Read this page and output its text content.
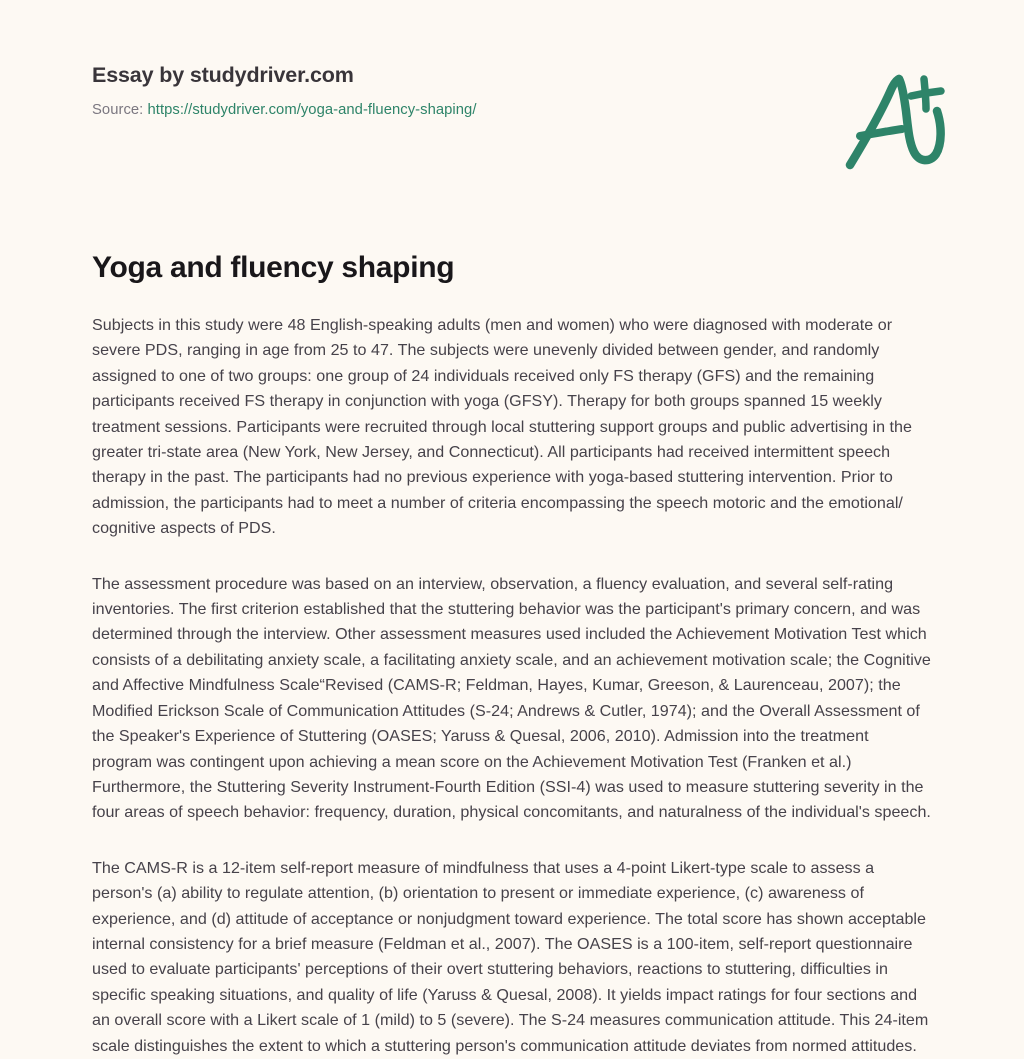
Essay by studydriver.com
Source: https://studydriver.com/yoga-and-fluency-shaping/
Yoga and fluency shaping

Subjects in this study were 48 English-speaking adults (men and women) who were diagnosed with moderate or severe PDS, ranging in age from 25 to 47. The subjects were unevenly divided between gender, and randomly assigned to one of two groups: one group of 24 individuals received only FS therapy (GFS) and the remaining participants received FS therapy in conjunction with yoga (GFSY). Therapy for both groups spanned 15 weekly treatment sessions. Participants were recruited through local stuttering support groups and public advertising in the greater tri-state area (New York, New Jersey, and Connecticut). All participants had received intermittent speech therapy in the past. The participants had no previous experience with yoga-based stuttering intervention. Prior to admission, the participants had to meet a number of criteria encompassing the speech motoric and the emotional/ cognitive aspects of PDS.

The assessment procedure was based on an interview, observation, a fluency evaluation, and several self-rating inventories. The first criterion established that the stuttering behavior was the participant's primary concern, and was determined through the interview. Other assessment measures used included the Achievement Motivation Test which consists of a debilitating anxiety scale, a facilitating anxiety scale, and an achievement motivation scale; the Cognitive and Affective Mindfulness Scale“Revised (CAMS-R; Feldman, Hayes, Kumar, Greeson, & Laurenceau, 2007); the Modified Erickson Scale of Communication Attitudes (S-24; Andrews & Cutler, 1974); and the Overall Assessment of the Speaker's Experience of Stuttering (OASES; Yaruss & Quesal, 2006, 2010). Admission into the treatment program was contingent upon achieving a mean score on the Achievement Motivation Test (Franken et al.) Furthermore, the Stuttering Severity Instrument-Fourth Edition (SSI-4) was used to measure stuttering severity in the four areas of speech behavior: frequency, duration, physical concomitants, and naturalness of the individual's speech.

The CAMS-R is a 12-item self-report measure of mindfulness that uses a 4-point Likert-type scale to assess a person's (a) ability to regulate attention, (b) orientation to present or immediate experience, (c) awareness of experience, and (d) attitude of acceptance or nonjudgment toward experience. The total score has shown acceptable internal consistency for a brief measure (Feldman et al., 2007). The OASES is a 100-item, self-report questionnaire used to evaluate participants' perceptions of their overt stuttering behaviors, reactions to stuttering, difficulties in specific speaking situations, and quality of life (Yaruss & Quesal, 2008). It yields impact ratings for four sections and an overall score with a Likert scale of 1 (mild) to 5 (severe). The S-24 measures communication attitude. This 24-item scale distinguishes the extent to which a stuttering person's communication attitude deviates from normed attitudes.
